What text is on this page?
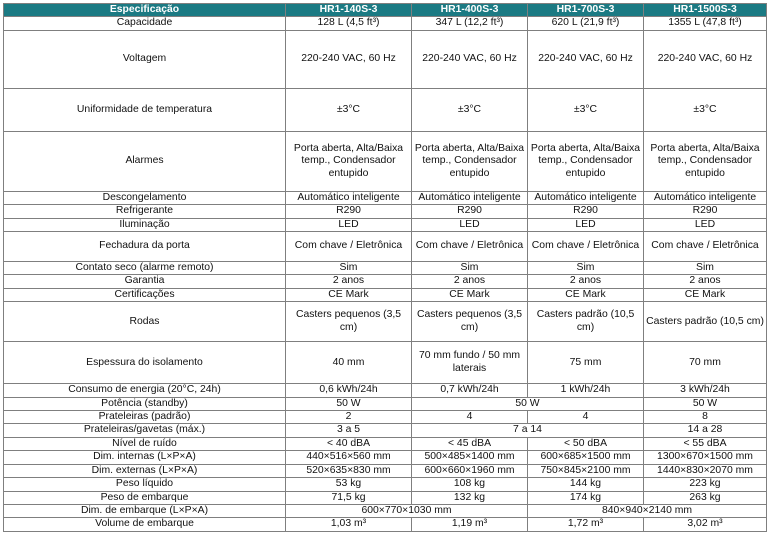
Especificação	HR1-140S-3	HR1-400S-3	HR1-700S-3	HR1-1500S-3
Capacidade	128 L (4,5 ft³)	347 L (12,2 ft³)	620 L (21,9 ft³)	1355 L (47,8 ft³)
Voltagem	220-240 VAC, 60 Hz	220-240 VAC, 60 Hz	220-240 VAC, 60 Hz	220-240 VAC, 60 Hz
Uniformidade de temperatura	±3°C	±3°C	±3°C	±3°C
Alarmes	Porta aberta, Alta/Baixa temp., Condensador entupido	Porta aberta, Alta/Baixa temp., Condensador entupido	Porta aberta, Alta/Baixa temp., Condensador entupido	Porta aberta, Alta/Baixa temp., Condensador entupido
Descongelamento	Automático inteligente	Automático inteligente	Automático inteligente	Automático inteligente
Refrigerante	R290	R290	R290	R290
Iluminação	LED	LED	LED	LED
Fechadura da porta	Com chave / Eletrônica	Com chave / Eletrônica	Com chave / Eletrônica	Com chave / Eletrônica
Contato seco (alarme remoto)	Sim	Sim	Sim	Sim
Garantia	2 anos	2 anos	2 anos	2 anos
Certificações	CE Mark	CE Mark	CE Mark	CE Mark
Rodas	Casters pequenos (3,5 cm)	Casters pequenos (3,5 cm)	Casters padrão (10,5 cm)	Casters padrão (10,5 cm)
Espessura do isolamento	40 mm	70 mm fundo / 50 mm laterais	75 mm	70 mm
Consumo de energia (20°C, 24h)	0,6 kWh/24h	0,7 kWh/24h	1 kWh/24h	3 kWh/24h
Potência (standby)	50 W	50 W		50 W
Prateleiras (padrão)	2	4	4	8
Prateleiras/gavetas (máx.)	3 a 5	7 a 14		14 a 28
Nível de ruído	< 40 dBA	< 45 dBA	< 50 dBA	< 55 dBA
Dim. internas (L×P×A)	440×516×560 mm	500×485×1400 mm	600×685×1500 mm	1300×670×1500 mm
Dim. externas (L×P×A)	520×635×830 mm	600×660×1960 mm	750×845×2100 mm	1440×830×2070 mm
Peso líquido	53 kg	108 kg	144 kg	223 kg
Peso de embarque	71,5 kg	132 kg	174 kg	263 kg
Dim. de embarque (L×P×A)	600×770×1030 mm		840×940×2140 mm	
Volume de embarque	1,03 m³	1,19 m³	1,72 m³	3,02 m³
